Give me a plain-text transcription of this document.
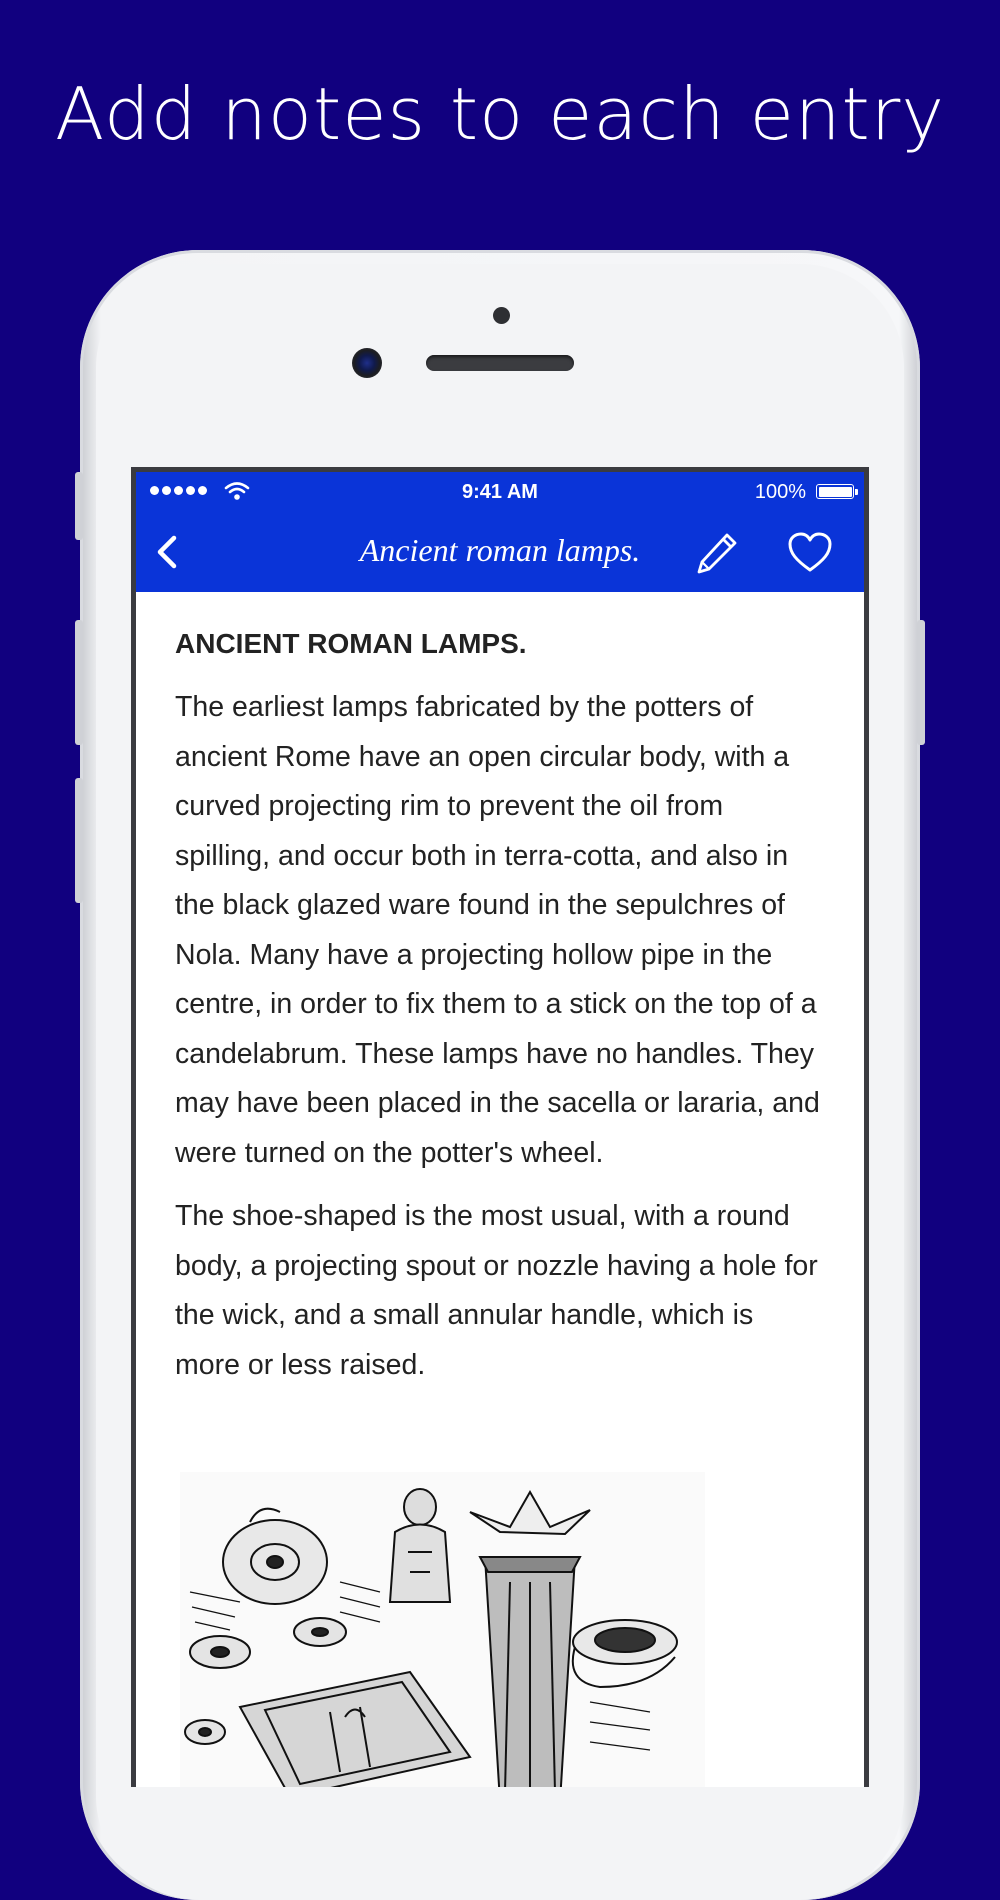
Add notes to each entry
9:41 AM	100%
Ancient roman lamps.
ANCIENT ROMAN LAMPS.

The earliest lamps fabricated by the potters of ancient Rome have an open circular body, with a curved projecting rim to prevent the oil from spilling, and occur both in terra-cotta, and also in the black glazed ware found in the sepulchres of Nola. Many have a projecting hollow pipe in the centre, in order to fix them to a stick on the top of a candelabrum. These lamps have no handles. They may have been placed in the sacella or lararia, and were turned on the potter's wheel.

The shoe-shaped is the most usual, with a round body, a projecting spout or nozzle having a hole for the wick, and a small annular handle, which is more or less raised.
